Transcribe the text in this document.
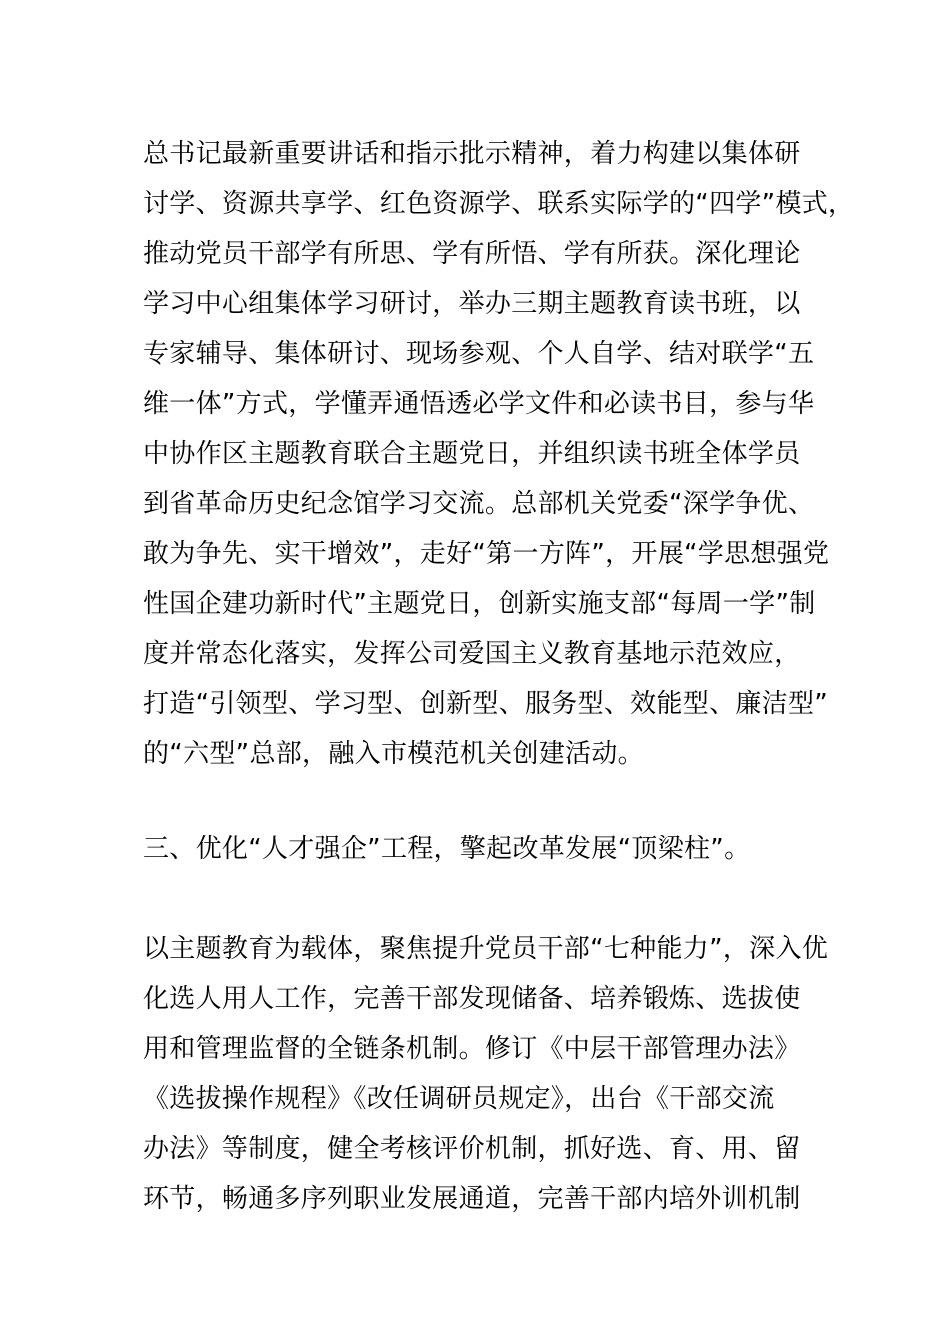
总书记最新重要讲话和指示批示精神，着力构建以集体研

讨学、资源共享学、红色资源学、联系实际学的“四学”模式，

推动党员干部学有所思、学有所悟、学有所获。深化理论

学习中心组集体学习研讨，举办三期主题教育读书班，以

专家辅导、集体研讨、现场参观、个人自学、结对联学“五

维一体”方式，学懂弄通悟透必学文件和必读书目，参与华

中协作区主题教育联合主题党日，并组织读书班全体学员

到省革命历史纪念馆学习交流。总部机关党委“深学争优、

敢为争先、实干增效”，走好“第一方阵”，开展“学思想强党

性国企建功新时代”主题党日，创新实施支部“每周一学”制

度并常态化落实，发挥公司爱国主义教育基地示范效应，

打造“引领型、学习型、创新型、服务型、效能型、廉洁型”

的“六型”总部，融入市模范机关创建活动。

三、优化“人才强企”工程，擎起改革发展“顶梁柱”。

以主题教育为载体，聚焦提升党员干部“七种能力”，深入优

化选人用人工作，完善干部发现储备、培养锻炼、选拔使

用和管理监督的全链条机制。修订《中层干部管理办法》

《选拔操作规程》《改任调研员规定》，出台《干部交流

办法》等制度，健全考核评价机制，抓好选、育、用、留

环节，畅通多序列职业发展通道，完善干部内培外训机制
